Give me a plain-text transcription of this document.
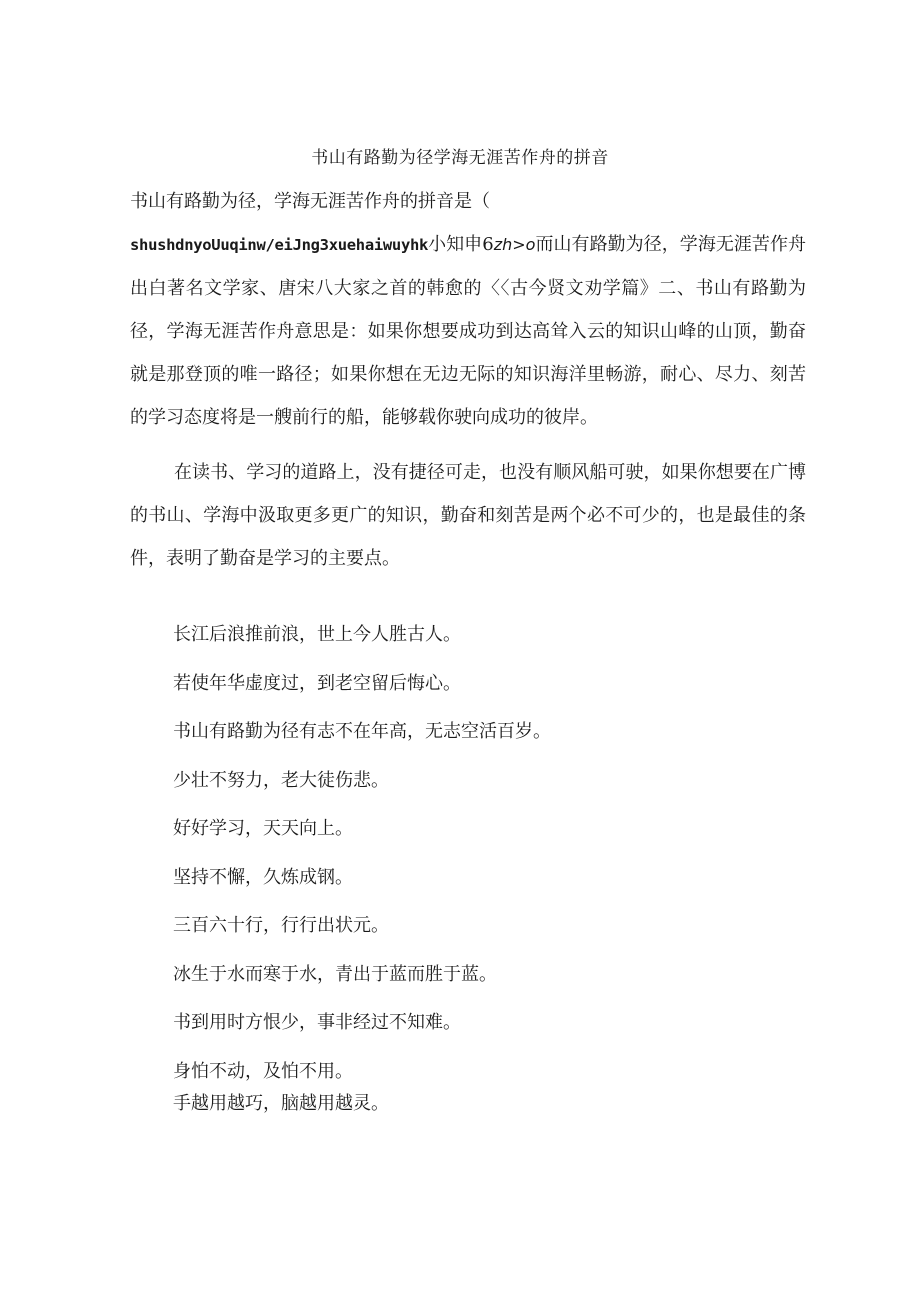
书山有路勤为径学海无涯苦作舟的拼音

书山有路勤为径，学海无涯苦作舟的拼音是（
shushdnyoUuqinw/eiJng3xuehaiwuyhk小知申6zh>o而山有路勤为径，学海无涯苦作舟出白著名文学家、唐宋八大家之首的韩愈的〈〈古今贤文劝学篇》二、书山有路勤为径，学海无涯苦作舟意思是：如果你想要成功到达高耸入云的知识山峰的山顶，勤奋就是那登顶的唯一路径；如果你想在无边无际的知识海洋里畅游，耐心、尽力、刻苦的学习态度将是一艘前行的船，能够载你驶向成功的彼岸。

在读书、学习的道路上，没有捷径可走，也没有顺风船可驶，如果你想要在广博的书山、学海中汲取更多更广的知识，勤奋和刻苦是两个必不可少的，也是最佳的条件，表明了勤奋是学习的主要点。

长江后浪推前浪，世上今人胜古人。

若使年华虚度过，到老空留后悔心。

书山有路勤为径有志不在年高，无志空活百岁。

少壮不努力，老大徒伤悲。

好好学习，天天向上。

坚持不懈，久炼成钢。

三百六十行，行行出状元。

冰生于水而寒于水，青出于蓝而胜于蓝。

书到用时方恨少，事非经过不知难。

身怕不动，及怕不用。

手越用越巧，脑越用越灵。
